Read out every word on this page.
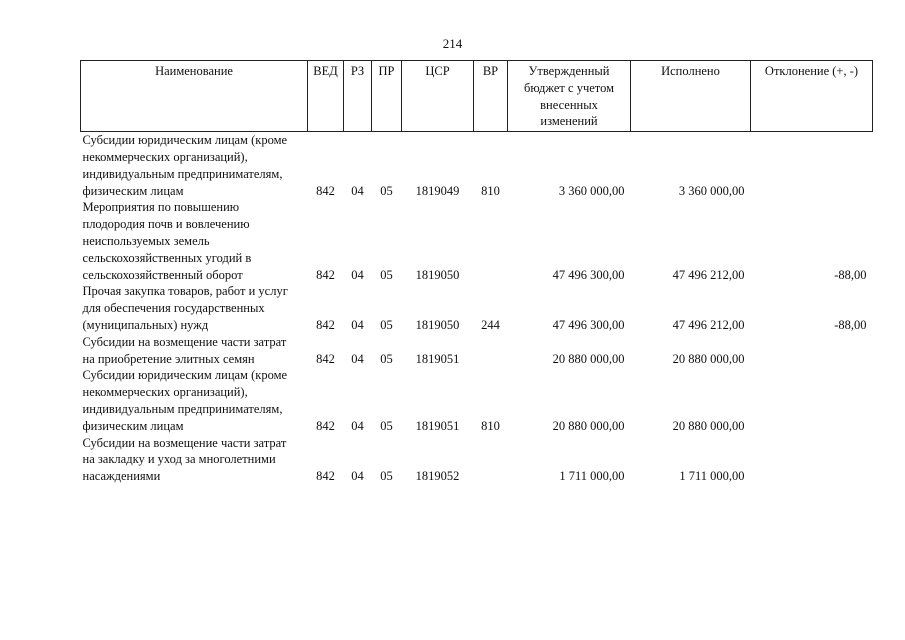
214
Наименование	ВЕД	РЗ	ПР	ЦСР	ВР	Утвержденный бюджет с учетом внесенных изменений	Исполнено	Отклонение (+, -)
Субсидии юридическим лицам (кроме некоммерческих организаций), индивидуальным предпринимателям, физическим лицам	842	04	05	1819049	810	3 360 000,00	3 360 000,00	
Мероприятия по повышению плодородия почв и вовлечению неиспользуемых земель сельскохозяйственных угодий в сельскохозяйственный оборот	842	04	05	1819050		47 496 300,00	47 496 212,00	-88,00
Прочая закупка товаров, работ и услуг для обеспечения государственных (муниципальных) нужд	842	04	05	1819050	244	47 496 300,00	47 496 212,00	-88,00
Субсидии на возмещение части затрат на приобретение элитных семян	842	04	05	1819051		20 880 000,00	20 880 000,00	
Субсидии юридическим лицам (кроме некоммерческих организаций), индивидуальным предпринимателям, физическим лицам	842	04	05	1819051	810	20 880 000,00	20 880 000,00	
Субсидии на возмещение части затрат на закладку и уход за многолетними насаждениями	842	04	05	1819052		1 711 000,00	1 711 000,00	
